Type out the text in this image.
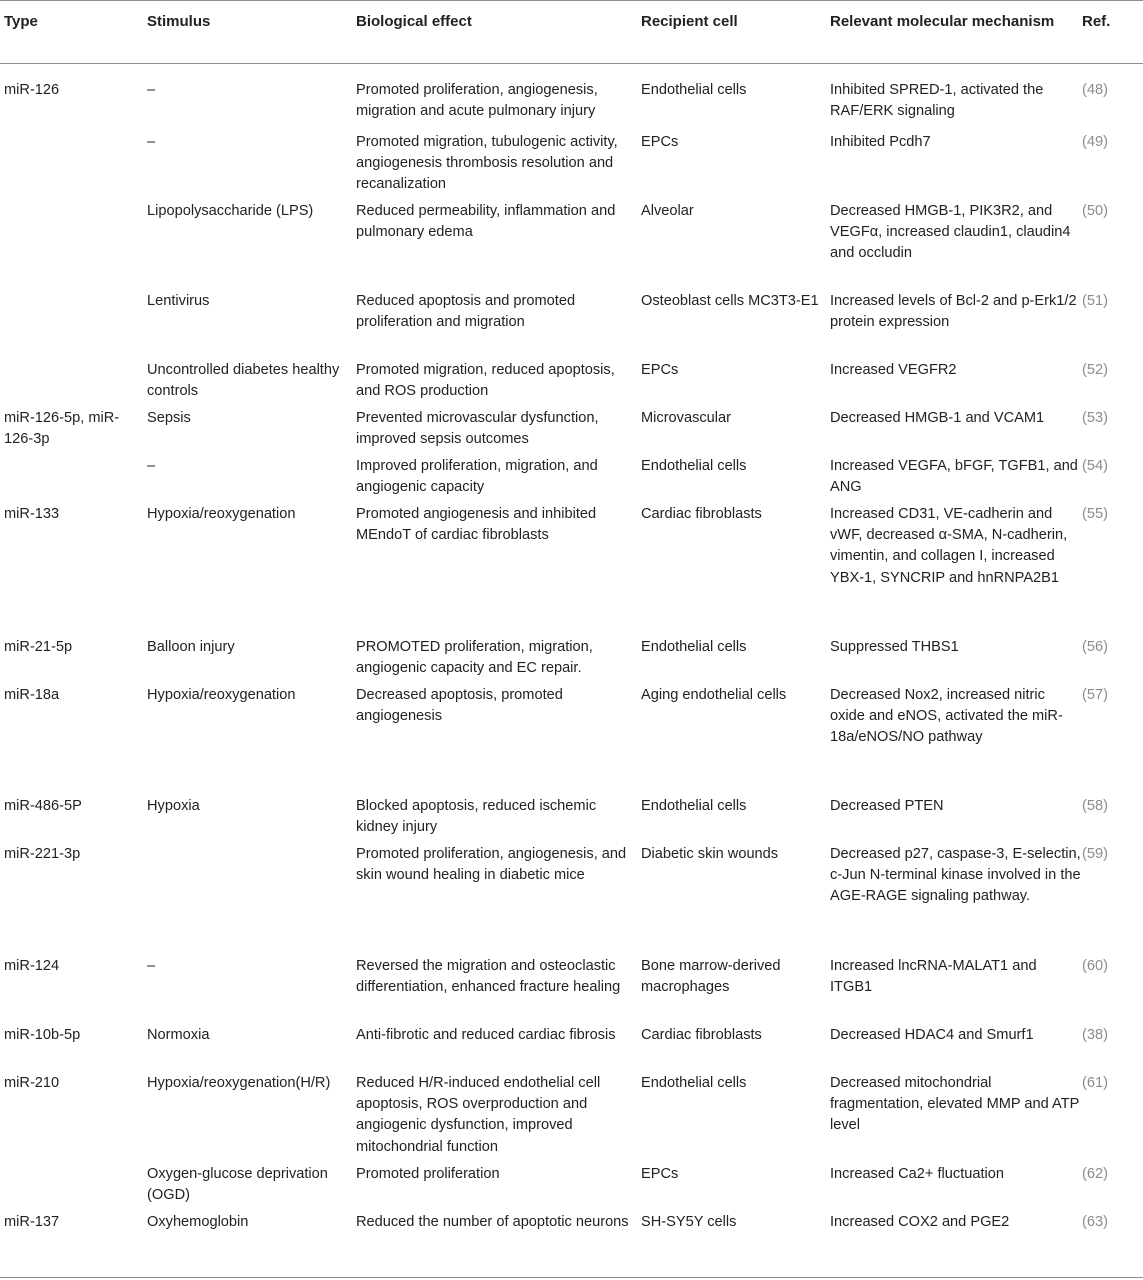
Type	Stimulus	Biological effect	Recipient cell	Relevant molecular mechanism	Ref.
miR-126	–	Promoted proliferation, angiogenesis, migration and acute pulmonary injury	Endothelial cells	Inhibited SPRED-1, activated the RAF/ERK signaling	(48)
	–	Promoted migration, tubulogenic activity, angiogenesis thrombosis resolution and recanalization	EPCs	Inhibited Pcdh7	(49)
	Lipopolysaccharide (LPS)	Reduced permeability, inflammation and pulmonary edema	Alveolar	Decreased HMGB-1, PIK3R2, and VEGFα, increased claudin1, claudin4 and occludin	(50)
	Lentivirus	Reduced apoptosis and promoted proliferation and migration	Osteoblast cells MC3T3-E1	Increased levels of Bcl-2 and p-Erk1/2 protein expression	(51)
	Uncontrolled diabetes healthy controls	Promoted migration, reduced apoptosis, and ROS production	EPCs	Increased VEGFR2	(52)
miR-126-5p, miR-126-3p	Sepsis	Prevented microvascular dysfunction, improved sepsis outcomes	Microvascular	Decreased HMGB-1 and VCAM1	(53)
	–	Improved proliferation, migration, and angiogenic capacity	Endothelial cells	Increased VEGFA, bFGF, TGFB1, and ANG	(54)
miR-133	Hypoxia/reoxygenation	Promoted angiogenesis and inhibited MEndoT of cardiac fibroblasts	Cardiac fibroblasts	Increased CD31, VE-cadherin and vWF, decreased α-SMA, N-cadherin, vimentin, and collagen I, increased YBX-1, SYNCRIP and hnRNPA2B1	(55)
miR-21-5p	Balloon injury	PROMOTED proliferation, migration, angiogenic capacity and EC repair.	Endothelial cells	Suppressed THBS1	(56)
miR-18a	Hypoxia/reoxygenation	Decreased apoptosis, promoted angiogenesis	Aging endothelial cells	Decreased Nox2, increased nitric oxide and eNOS, activated the miR-18a/eNOS/NO pathway	(57)
miR-486-5P	Hypoxia	Blocked apoptosis, reduced ischemic kidney injury	Endothelial cells	Decreased PTEN	(58)
miR-221-3p		Promoted proliferation, angiogenesis, and skin wound healing in diabetic mice	Diabetic skin wounds	Decreased p27, caspase-3, E-selectin, c-Jun N-terminal kinase involved in the AGE-RAGE signaling pathway.	(59)
miR-124	–	Reversed the migration and osteoclastic differentiation, enhanced fracture healing	Bone marrow-derived macrophages	Increased lncRNA-MALAT1 and ITGB1	(60)
miR-10b-5p	Normoxia	Anti-fibrotic and reduced cardiac fibrosis	Cardiac fibroblasts	Decreased HDAC4 and Smurf1	(38)
miR-210	Hypoxia/reoxygenation(H/R)	Reduced H/R-induced endothelial cell apoptosis, ROS overproduction and angiogenic dysfunction, improved mitochondrial function	Endothelial cells	Decreased mitochondrial fragmentation, elevated MMP and ATP level	(61)
	Oxygen-glucose deprivation (OGD)	Promoted proliferation	EPCs	Increased Ca2+ fluctuation	(62)
miR-137	Oxyhemoglobin	Reduced the number of apoptotic neurons	SH-SY5Y cells	Increased COX2 and PGE2	(63)
